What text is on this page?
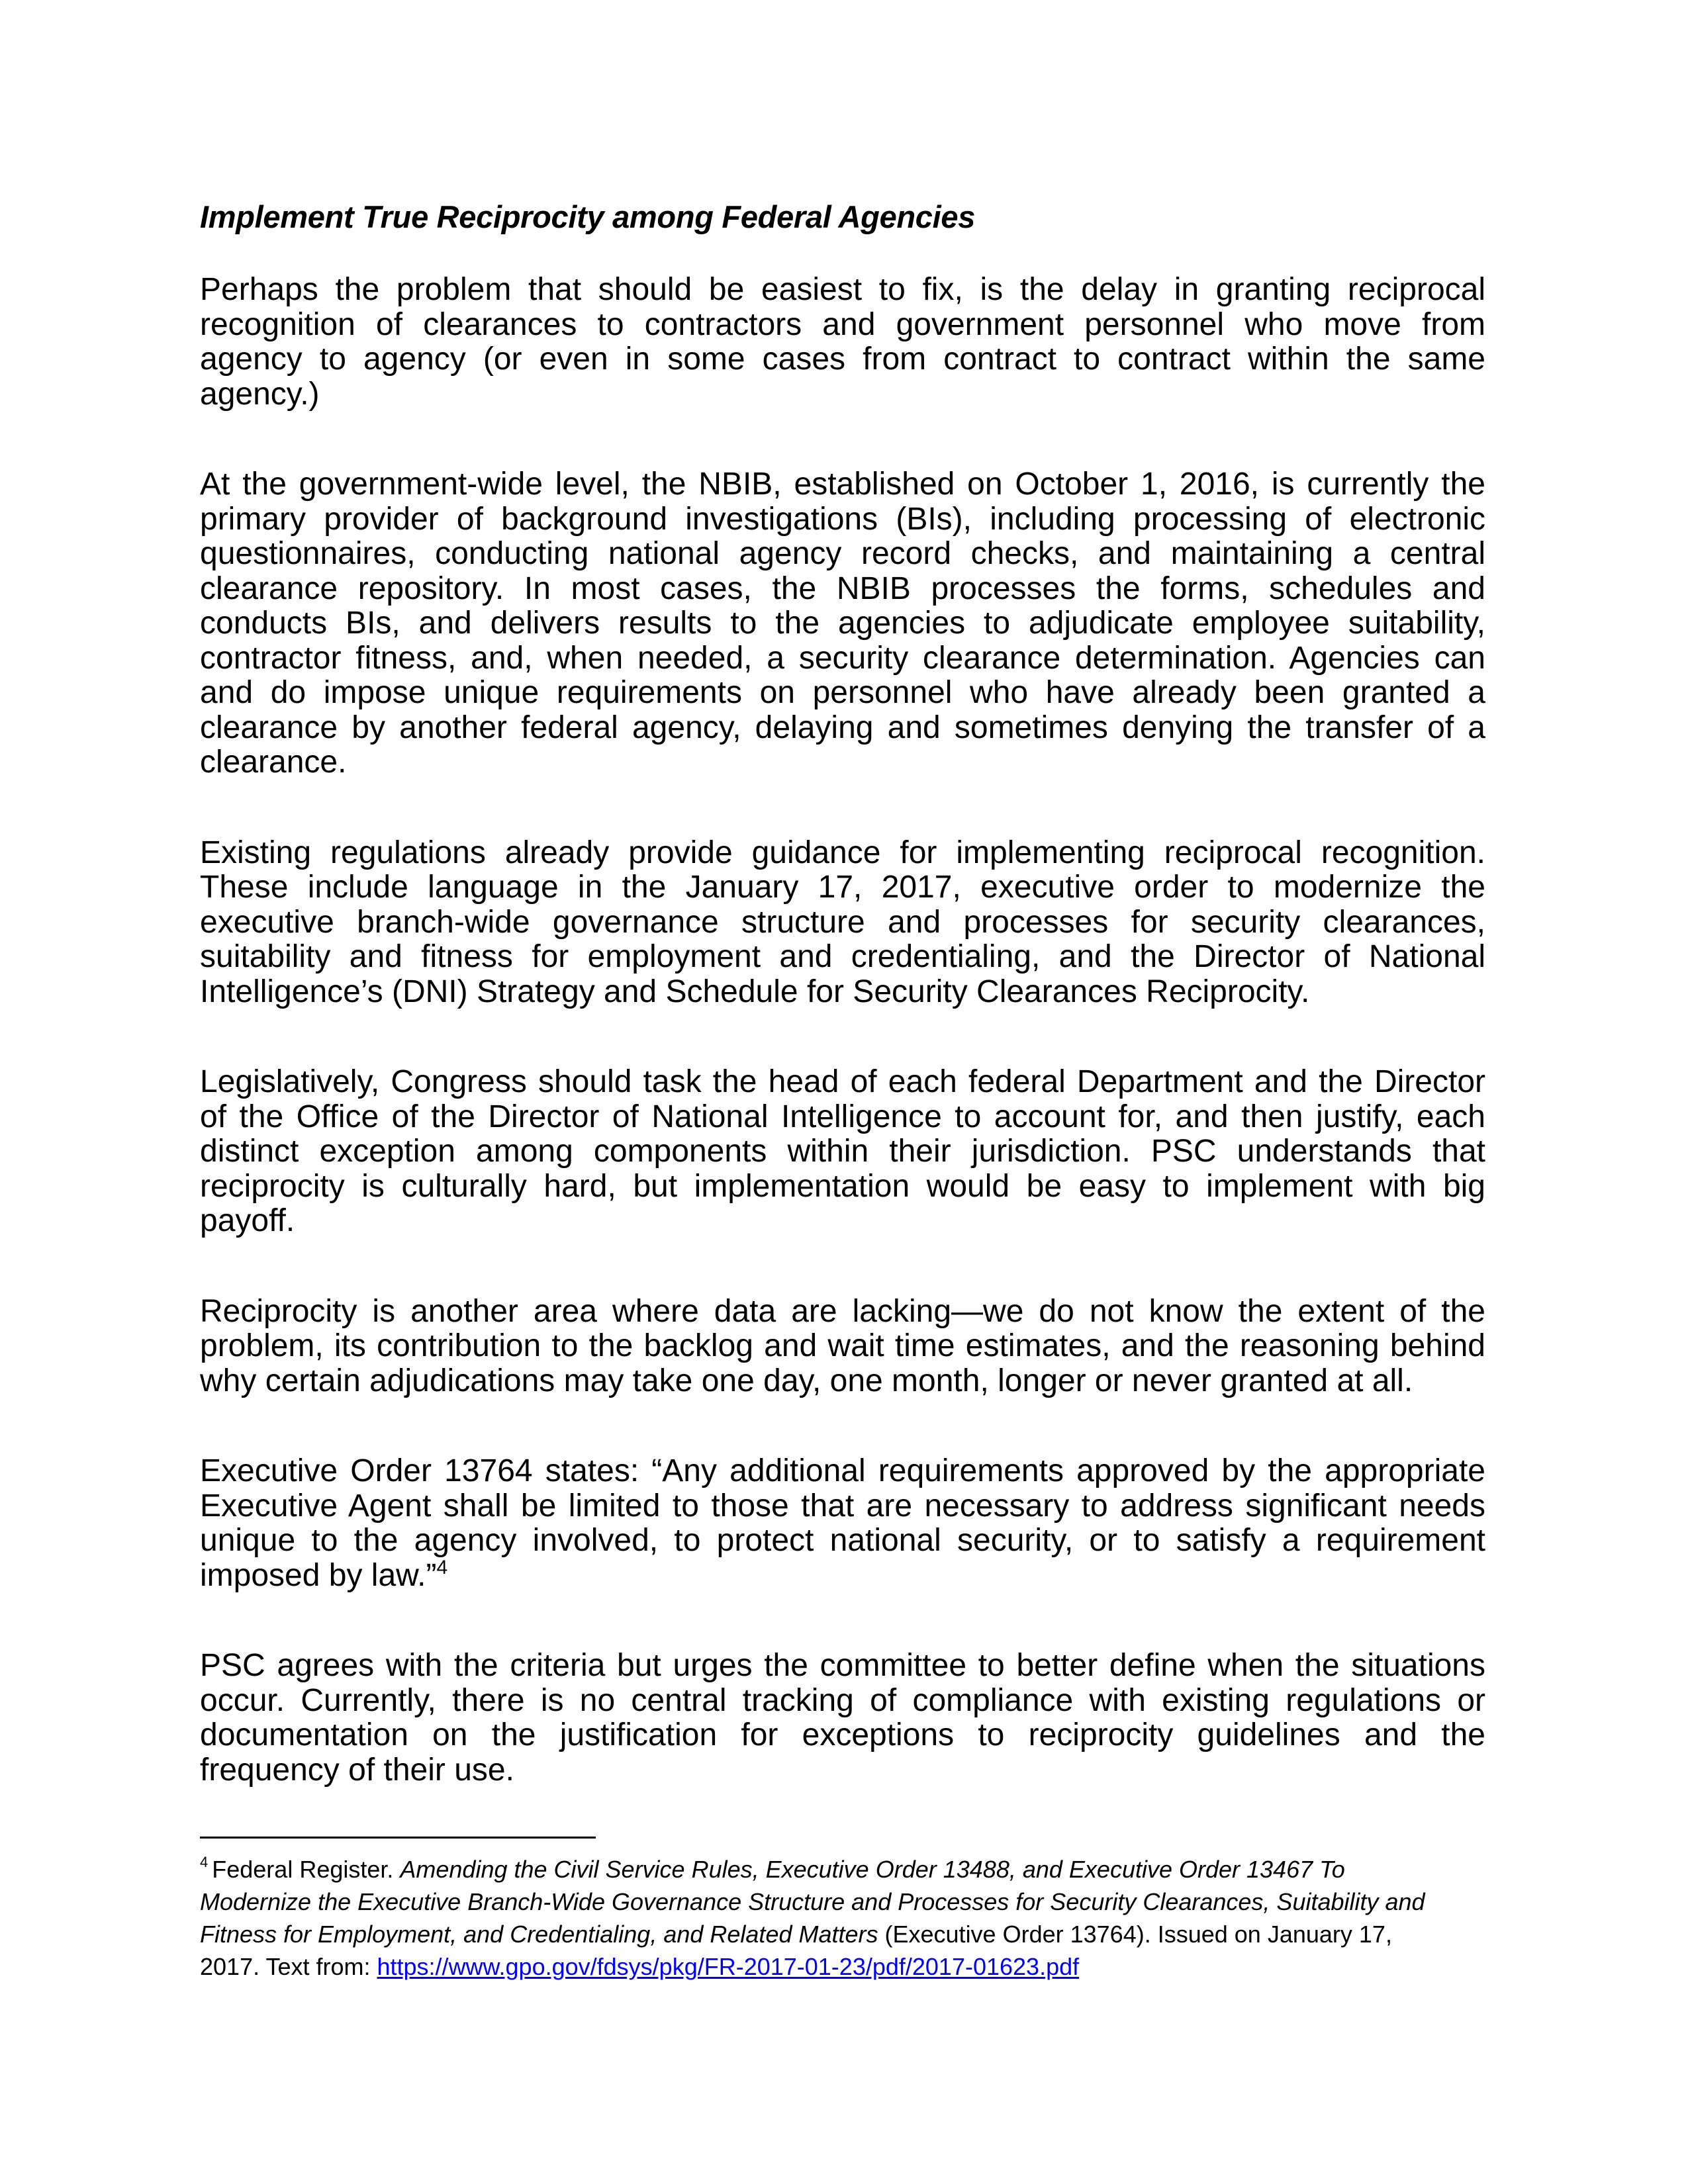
Implement True Reciprocity among Federal Agencies

Perhaps the problem that should be easiest to fix, is the delay in granting reciprocal
recognition of clearances to contractors and government personnel who move from
agency to agency (or even in some cases from contract to contract within the same
agency.)

At the government-wide level, the NBIB, established on October 1, 2016, is currently the
primary provider of background investigations (BIs), including processing of electronic
questionnaires, conducting national agency record checks, and maintaining a central
clearance repository. In most cases, the NBIB processes the forms, schedules and
conducts BIs, and delivers results to the agencies to adjudicate employee suitability,
contractor fitness, and, when needed, a security clearance determination. Agencies can
and do impose unique requirements on personnel who have already been granted a
clearance by another federal agency, delaying and sometimes denying the transfer of a
clearance.

Existing regulations already provide guidance for implementing reciprocal recognition.
These include language in the January 17, 2017, executive order to modernize the
executive branch-wide governance structure and processes for security clearances,
suitability and fitness for employment and credentialing, and the Director of National
Intelligence’s (DNI) Strategy and Schedule for Security Clearances Reciprocity.

Legislatively, Congress should task the head of each federal Department and the Director
of the Office of the Director of National Intelligence to account for, and then justify, each
distinct exception among components within their jurisdiction. PSC understands that
reciprocity is culturally hard, but implementation would be easy to implement with big
payoff.

Reciprocity is another area where data are lacking—we do not know the extent of the
problem, its contribution to the backlog and wait time estimates, and the reasoning behind
why certain adjudications may take one day, one month, longer or never granted at all.

Executive Order 13764 states: “Any additional requirements approved by the appropriate
Executive Agent shall be limited to those that are necessary to address significant needs
unique to the agency involved, to protect national security, or to satisfy a requirement
imposed by law.”$^4$

PSC agrees with the criteria but urges the committee to better define when the situations
occur. Currently, there is no central tracking of compliance with existing regulations or
documentation on the justification for exceptions to reciprocity guidelines and the
frequency of their use.

$^4$ Federal Register. Amending the Civil Service Rules, Executive Order 13488, and Executive Order 13467 To
Modernize the Executive Branch-Wide Governance Structure and Processes for Security Clearances, Suitability and
Fitness for Employment, and Credentialing, and Related Matters (Executive Order 13764). Issued on January 17,
2017. Text from: https://www.gpo.gov/fdsys/pkg/FR-2017-01-23/pdf/2017-01623.pdf
